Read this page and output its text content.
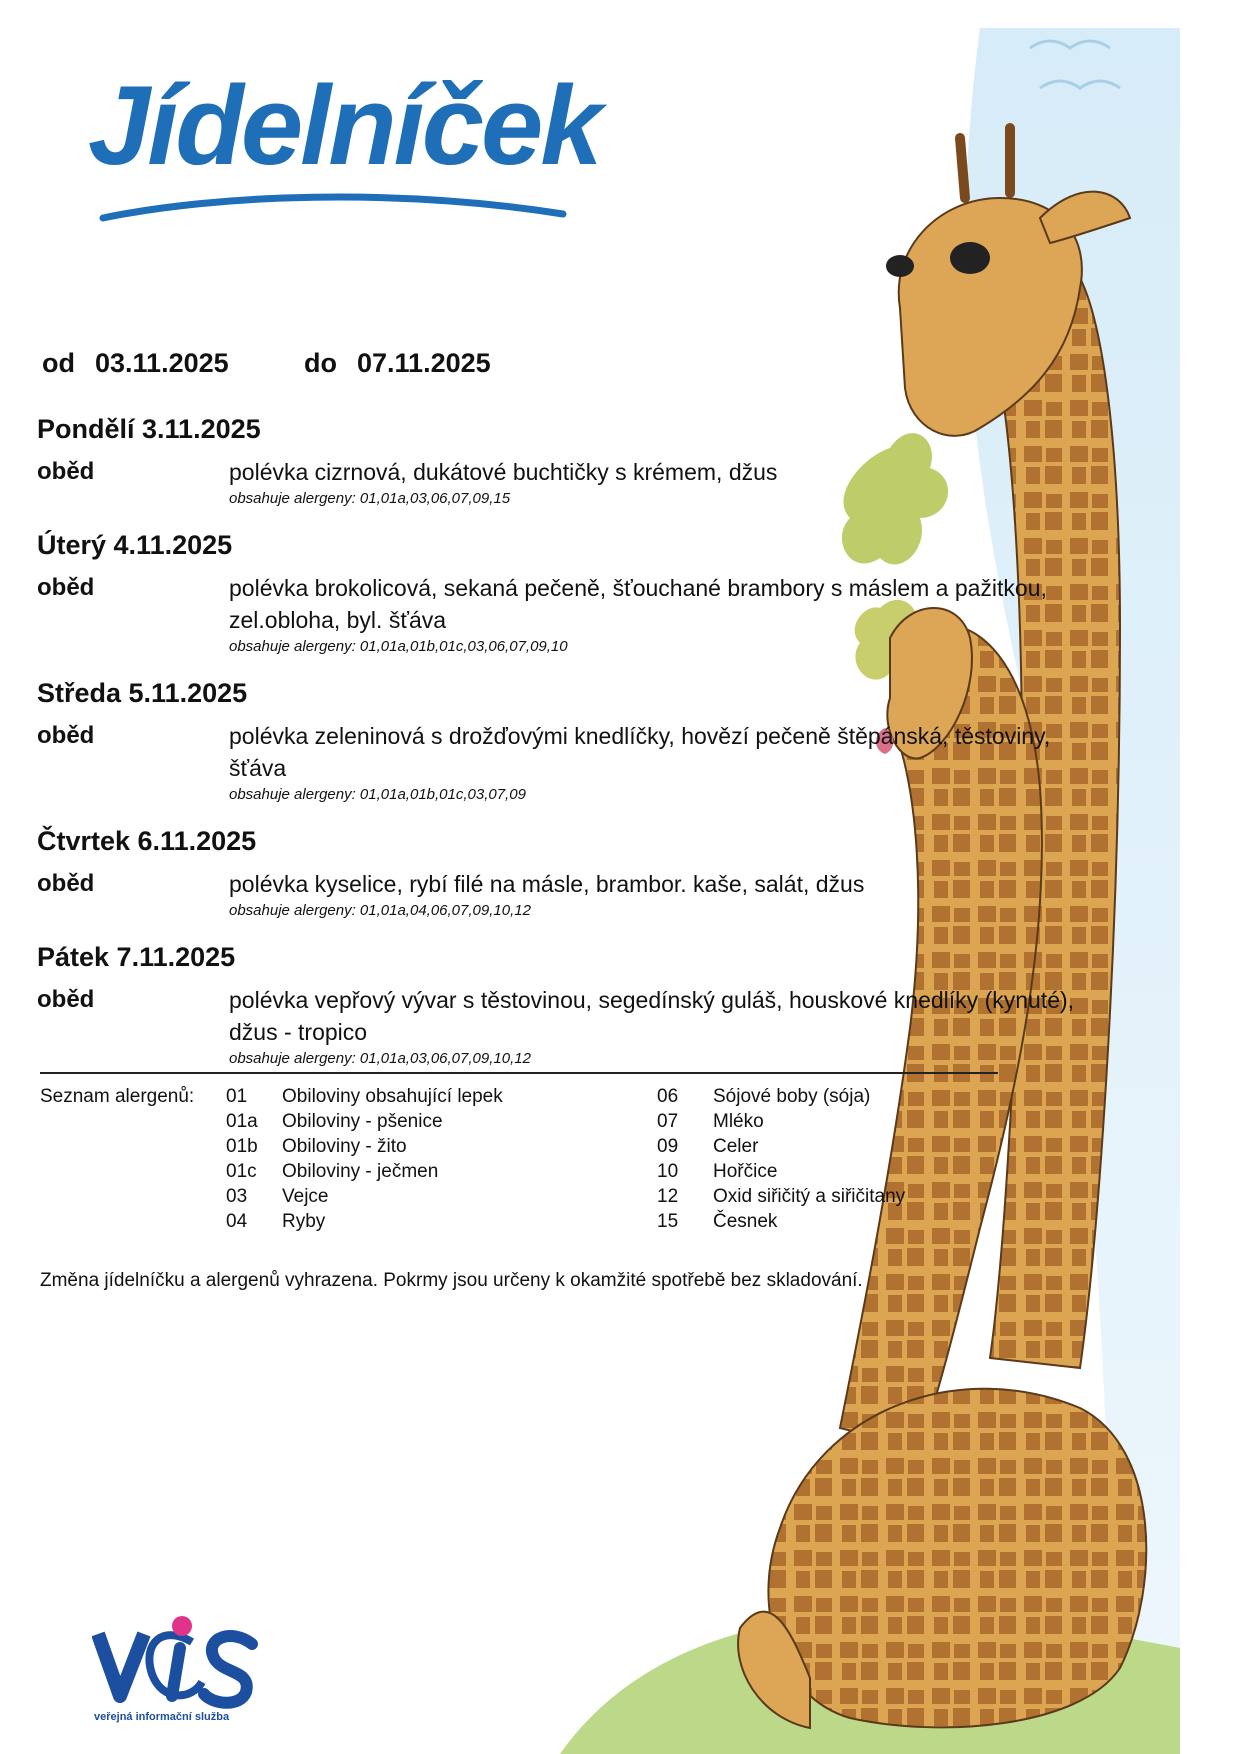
Jídelníček
od 03.11.2025	do 07.11.2025
Pondělí 3.11.2025
oběd	polévka cizrnová, dukátové buchtičky s krémem, džus
obsahuje alergeny: 01,01a,03,06,07,09,15
Úterý 4.11.2025
oběd	polévka brokolicová, sekaná pečeně, šťouchané brambory s máslem a pažitkou,
zel.obloha, byl. šťáva
obsahuje alergeny: 01,01a,01b,01c,03,06,07,09,10
Středa 5.11.2025
oběd	polévka zeleninová s drožďovými knedlíčky, hovězí pečeně štěpánská, těstoviny,
šťáva
obsahuje alergeny: 01,01a,01b,01c,03,07,09
Čtvrtek 6.11.2025
oběd	polévka kyselice, rybí filé na másle, brambor. kaše, salát, džus
obsahuje alergeny: 01,01a,04,06,07,09,10,12
Pátek 7.11.2025
oběd	polévka vepřový vývar s těstovinou, segedínský guláš, houskové knedlíky (kynuté),
džus - tropico
obsahuje alergeny: 01,01a,03,06,07,09,10,12
Seznam alergenů: 01 Obiloviny obsahující lepek
01a Obiloviny - pšenice
01b Obiloviny - žito
01c Obiloviny - ječmen
03 Vejce
04 Ryby
06 Sójové boby (sója)
07 Mléko
09 Celer
10 Hořčice
12 Oxid siřičitý a siřičitany
15 Česnek
Změna jídelníčku a alergenů vyhrazena. Pokrmy jsou určeny k okamžité spotřebě bez skladování.
veřejná informační služba
